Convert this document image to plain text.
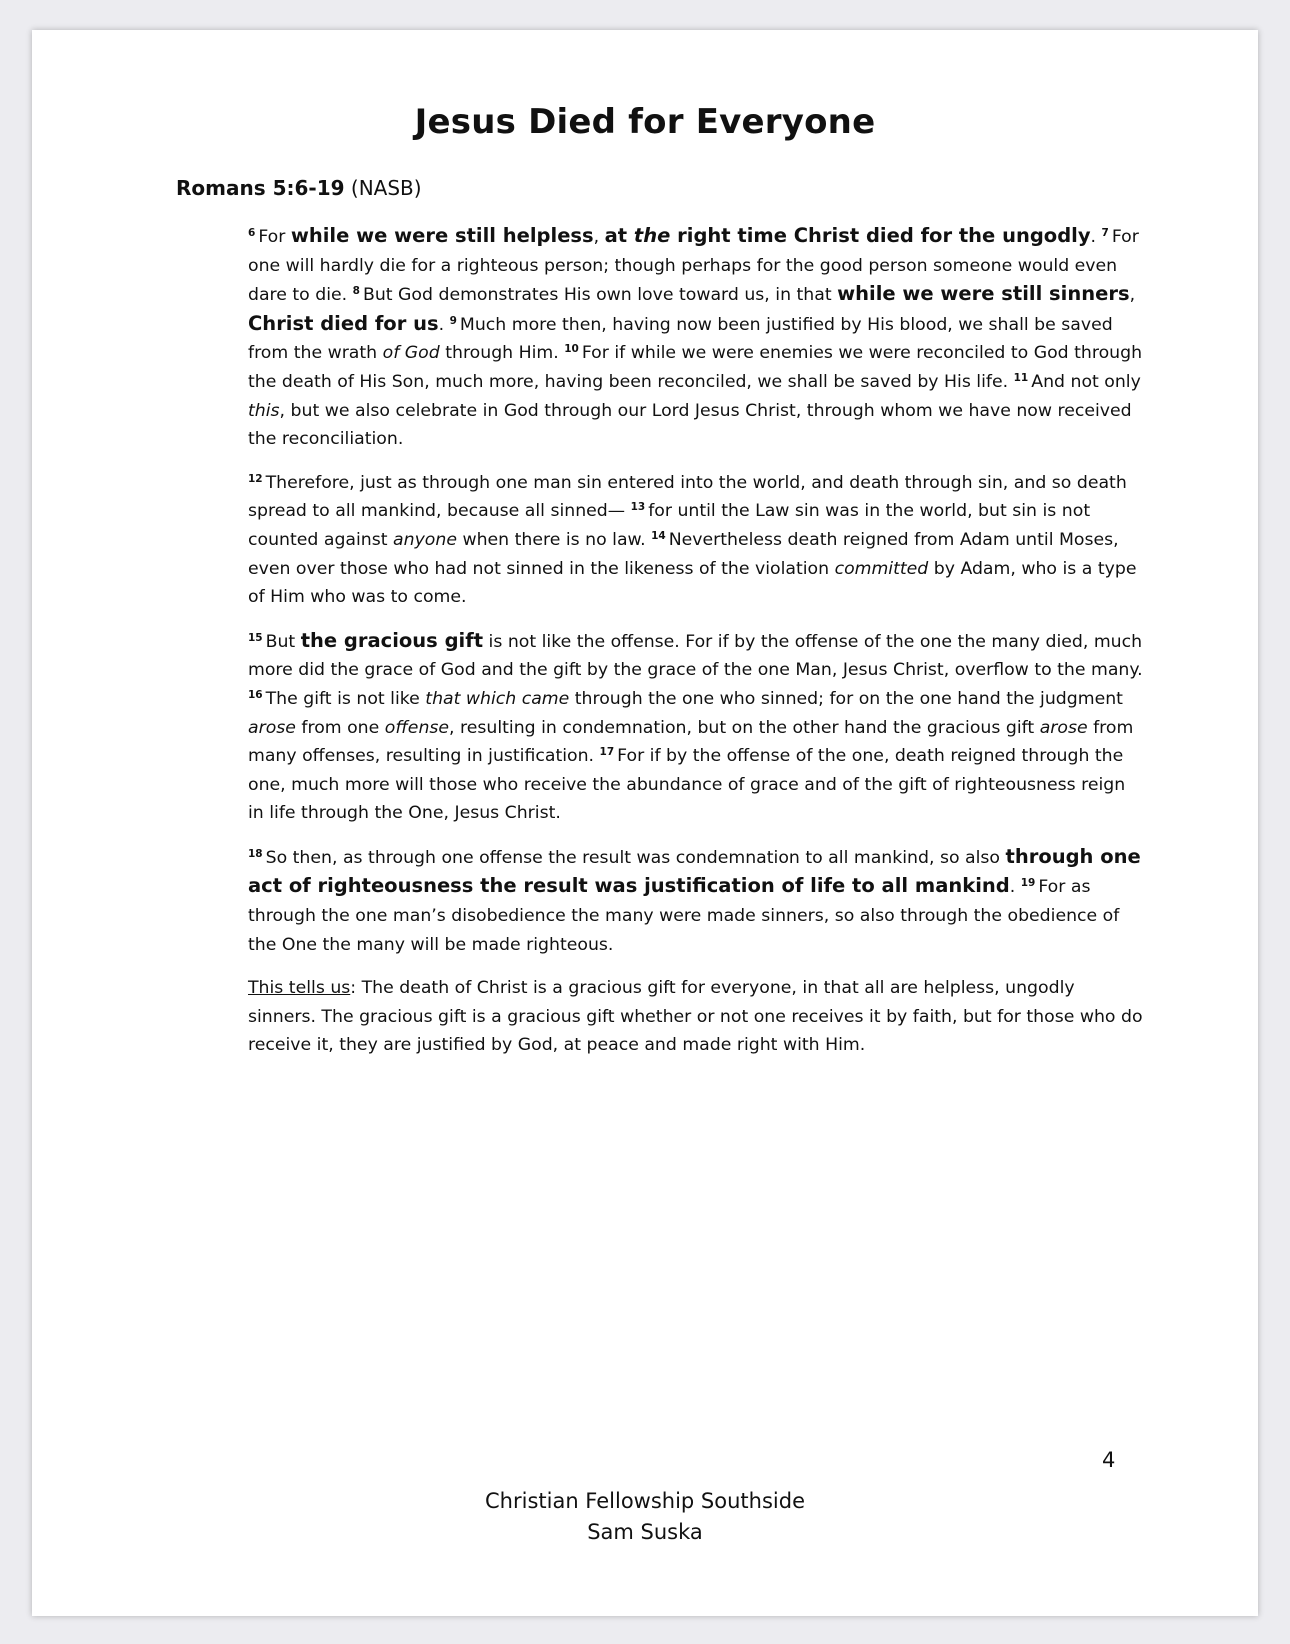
Jesus Died for Everyone
Romans 5:6-19 (NASB)

$^6$ For while we were still helpless, at the right time Christ died for the ungodly. $^7$ For one will hardly die for a righteous person; though perhaps for the good person someone would even dare to die. $^8$ But God demonstrates His own love toward us, in that while we were still sinners, Christ died for us. $^9$ Much more then, having now been justified by His blood, we shall be saved from the wrath of God through Him. $^{10}$ For if while we were enemies we were reconciled to God through the death of His Son, much more, having been reconciled, we shall be saved by His life. $^{11}$ And not only this, but we also celebrate in God through our Lord Jesus Christ, through whom we have now received the reconciliation.

$^{12}$ Therefore, just as through one man sin entered into the world, and death through sin, and so death spread to all mankind, because all sinned— $^{13}$ for until the Law sin was in the world, but sin is not counted against anyone when there is no law. $^{14}$ Nevertheless death reigned from Adam until Moses, even over those who had not sinned in the likeness of the violation committed by Adam, who is a type of Him who was to come.

$^{15}$ But the gracious gift is not like the offense. For if by the offense of the one the many died, much more did the grace of God and the gift by the grace of the one Man, Jesus Christ, overflow to the many. $^{16}$ The gift is not like that which came through the one who sinned; for on the one hand the judgment arose from one offense, resulting in condemnation, but on the other hand the gracious gift arose from many offenses, resulting in justification. $^{17}$ For if by the offense of the one, death reigned through the one, much more will those who receive the abundance of grace and of the gift of righteousness reign in life through the One, Jesus Christ.

$^{18}$ So then, as through one offense the result was condemnation to all mankind, so also through one act of righteousness the result was justification of life to all mankind. $^{19}$ For as through the one man’s disobedience the many were made sinners, so also through the obedience of the One the many will be made righteous.

This tells us: The death of Christ is a gracious gift for everyone, in that all are helpless, ungodly sinners. The gracious gift is a gracious gift whether or not one receives it by faith, but for those who do receive it, they are justified by God, at peace and made right with Him.

4
Christian Fellowship Southside
Sam Suska
